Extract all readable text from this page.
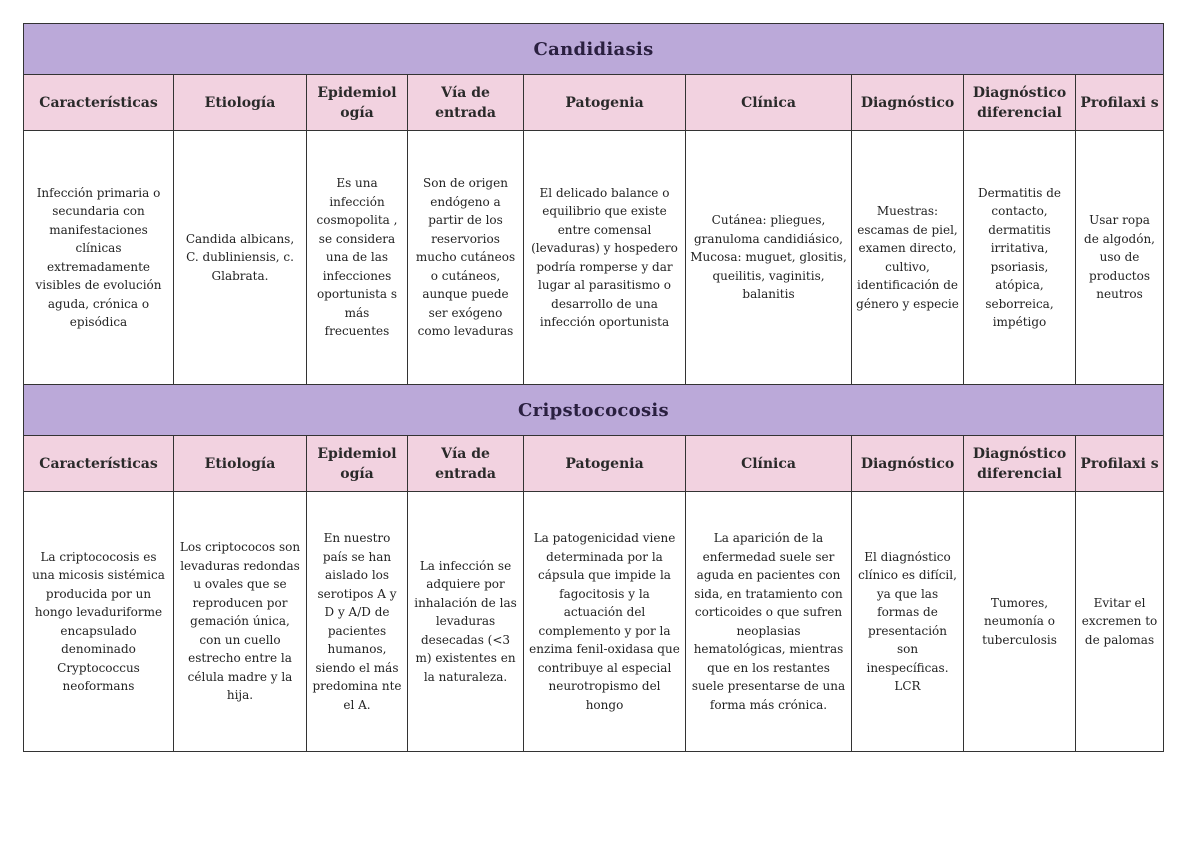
Candidiasis								
Características	Etiología	Epidemiol ogía	Vía de entrada	Patogenia	Clínica	Diagnóstico	Diagnóstico diferencial	Profilaxi s
Infección primaria o secundaria con manifestaciones clínicas extremadamente visibles de evolución aguda, crónica o episódica	Candida albicans, C. dubliniensis, c. Glabrata.	Es una infección cosmopolita , se considera una de las infecciones oportunista s más frecuentes	Son de origen endógeno a partir de los reservorios mucho cutáneos o cutáneos, aunque puede ser exógeno como levaduras	El delicado balance o equilibrio que existe entre comensal (levaduras) y hospedero podría romperse y dar lugar al parasitismo o desarrollo de una infección oportunista	Cutánea: pliegues, granuloma candidiásico, Mucosa: muguet, glositis, queilitis, vaginitis, balanitis	Muestras: escamas de piel, examen directo, cultivo, identificación de género y especie	Dermatitis de contacto, dermatitis irritativa, psoriasis, atópica, seborreica, impétigo	Usar ropa de algodón, uso de productos neutros
Cripstococosis								
Características	Etiología	Epidemiol ogía	Vía de entrada	Patogenia	Clínica	Diagnóstico	Diagnóstico diferencial	Profilaxi s
La criptococosis es una micosis sistémica producida por un hongo levaduriforme encapsulado denominado Cryptococcus neoformans	Los criptococos son levaduras redondas u ovales que se reproducen por gemación única, con un cuello estrecho entre la célula madre y la hija.	En nuestro país se han aislado los serotipos A y D y A/D de pacientes humanos, siendo el más predomina nte el A.	La infección se adquiere por inhalación de las levaduras desecadas (<3 m) existentes en la naturaleza.	La patogenicidad viene determinada por la cápsula que impide la fagocitosis y la actuación del complemento y por la enzima fenil-oxidasa que contribuye al especial neurotropismo del hongo	La aparición de la enfermedad suele ser aguda en pacientes con sida, en tratamiento con corticoides o que sufren neoplasias hematológicas, mientras que en los restantes suele presentarse de una forma más crónica.	El diagnóstico clínico es difícil, ya que las formas de presentación son inespecíficas. LCR	Tumores, neumonía o tuberculosis	Evitar el excremen to de palomas
